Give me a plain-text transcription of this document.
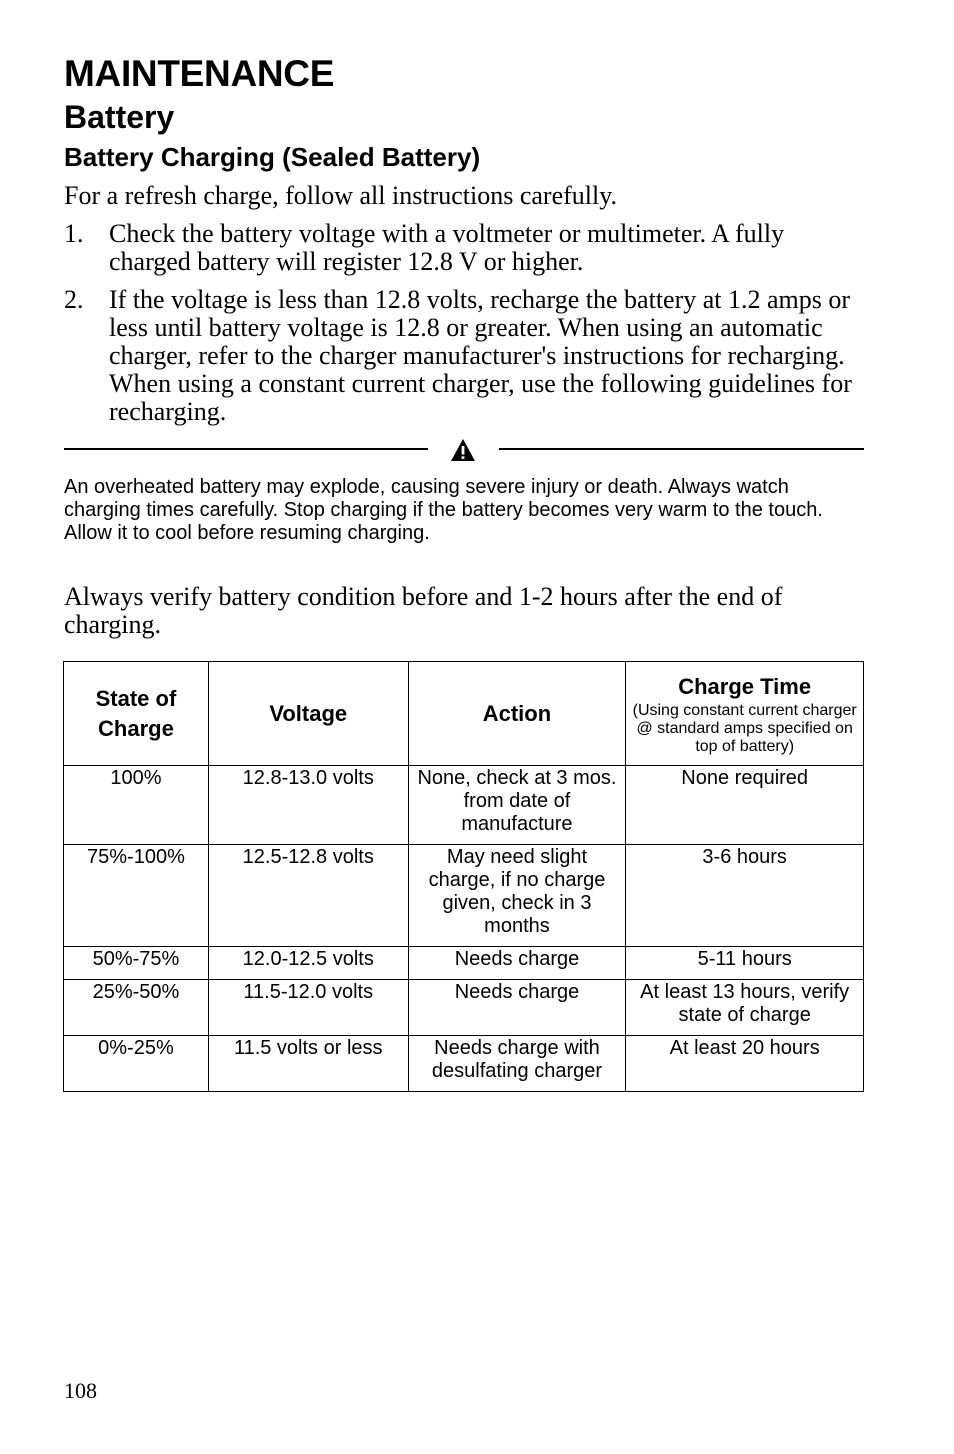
MAINTENANCE
Battery
Battery Charging (Sealed Battery)

For a refresh charge, follow all instructions carefully.

1. Check the battery voltage with a voltmeter or multimeter. A fully charged battery will register 12.8 V or higher.
2. If the voltage is less than 12.8 volts, recharge the battery at 1.2 amps or less until battery voltage is 12.8 or greater. When using an automatic charger, refer to the charger manufacturer's instructions for recharging. When using a constant current charger, use the following guidelines for recharging.

An overheated battery may explode, causing severe injury or death. Always watch charging times carefully. Stop charging if the battery becomes very warm to the touch. Allow it to cool before resuming charging.

Always verify battery condition before and 1-2 hours after the end of charging.

State of Charge	Voltage	Action	Charge Time
(Using constant current charger @ standard amps specified on top of battery)

100%	12.8-13.0 volts	None, check at 3 mos. from date of manufacture	None required
75%-100%	12.5-12.8 volts	May need slight charge, if no charge given, check in 3 months	3-6 hours
50%-75%	12.0-12.5 volts	Needs charge	5-11 hours
25%-50%	11.5-12.0 volts	Needs charge	At least 13 hours, verify state of charge
0%-25%	11.5 volts or less	Needs charge with desulfating charger	At least 20 hours
108
